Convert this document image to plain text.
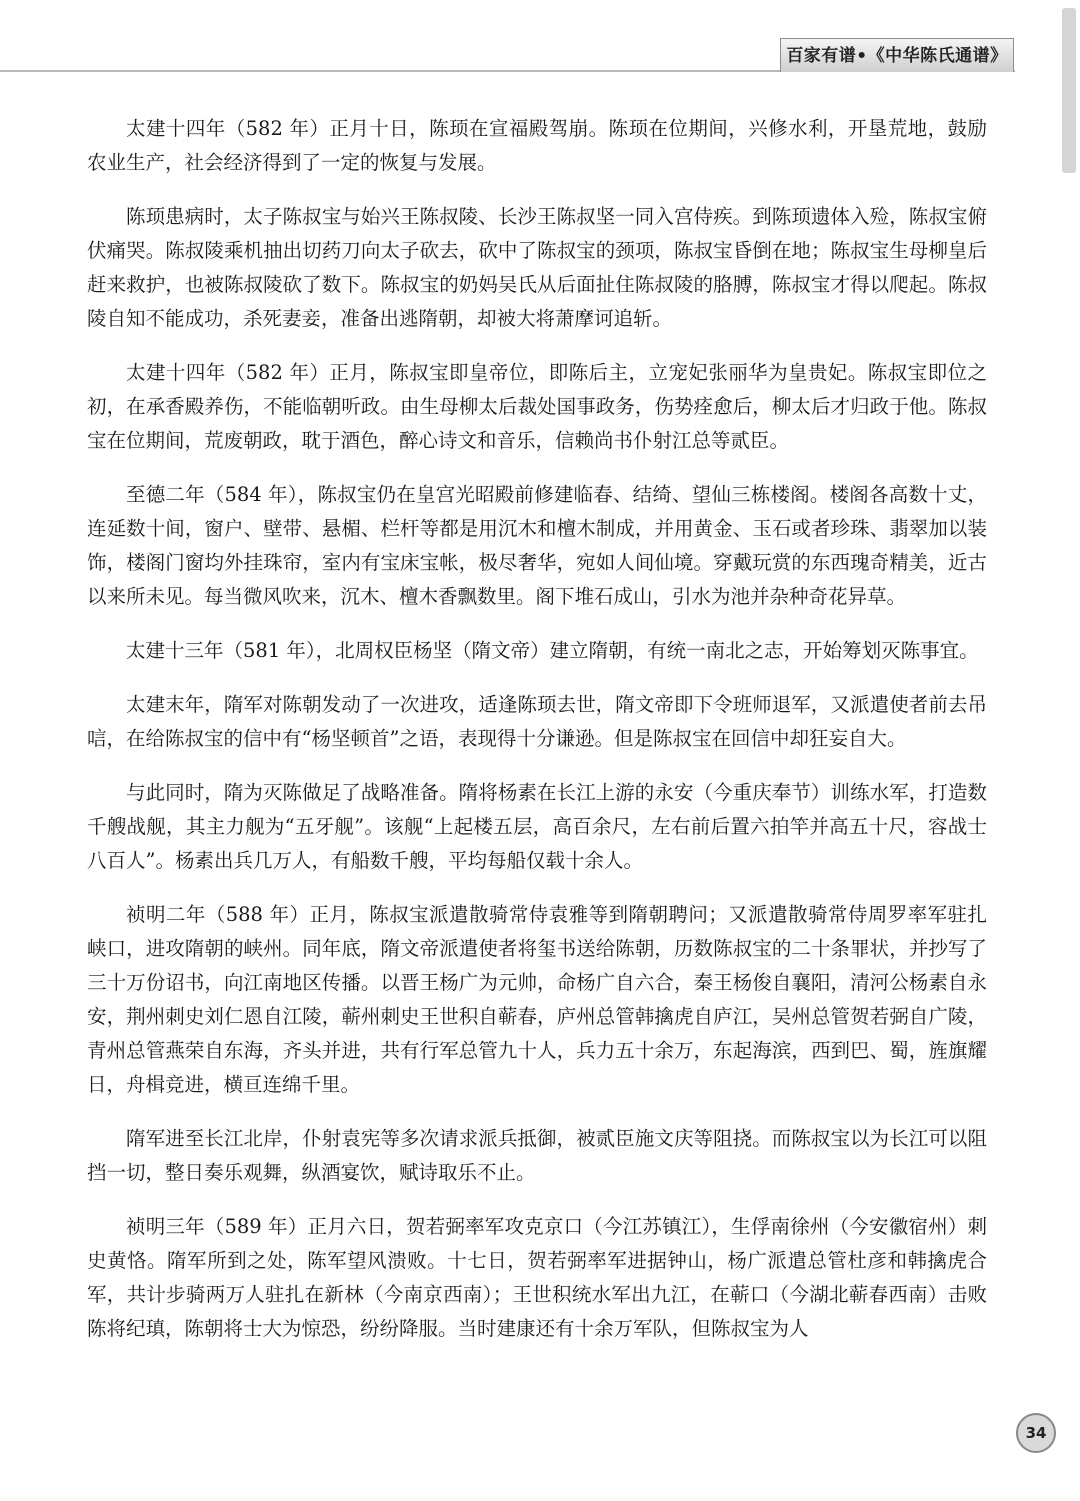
百家有谱•《中华陈氏通谱》

太建十四年（582 年）正月十日，陈顼在宣福殿驾崩。陈顼在位期间，兴修水利，开垦荒地，鼓励农业生产，社会经济得到了一定的恢复与发展。

陈顼患病时，太子陈叔宝与始兴王陈叔陵、长沙王陈叔坚一同入宫侍疾。到陈顼遗体入殓，陈叔宝俯伏痛哭。陈叔陵乘机抽出切药刀向太子砍去，砍中了陈叔宝的颈项，陈叔宝昏倒在地；陈叔宝生母柳皇后赶来救护，也被陈叔陵砍了数下。陈叔宝的奶妈吴氏从后面扯住陈叔陵的胳膊，陈叔宝才得以爬起。陈叔陵自知不能成功，杀死妻妾，准备出逃隋朝，却被大将萧摩诃追斩。

太建十四年（582 年）正月，陈叔宝即皇帝位，即陈后主，立宠妃张丽华为皇贵妃。陈叔宝即位之初，在承香殿养伤，不能临朝听政。由生母柳太后裁处国事政务，伤势痊愈后，柳太后才归政于他。陈叔宝在位期间，荒废朝政，耽于酒色，醉心诗文和音乐，信赖尚书仆射江总等贰臣。

至德二年（584 年），陈叔宝仍在皇宫光昭殿前修建临春、结绮、望仙三栋楼阁。楼阁各高数十丈，连延数十间，窗户、壁带、悬楣、栏杆等都是用沉木和檀木制成，并用黄金、玉石或者珍珠、翡翠加以装饰，楼阁门窗均外挂珠帘，室内有宝床宝帐，极尽奢华，宛如人间仙境。穿戴玩赏的东西瑰奇精美，近古以来所未见。每当微风吹来，沉木、檀木香飘数里。阁下堆石成山，引水为池并杂种奇花异草。

太建十三年（581 年），北周权臣杨坚（隋文帝）建立隋朝，有统一南北之志，开始筹划灭陈事宜。

太建末年，隋军对陈朝发动了一次进攻，适逢陈顼去世，隋文帝即下令班师退军，又派遣使者前去吊唁，在给陈叔宝的信中有“杨坚顿首”之语，表现得十分谦逊。但是陈叔宝在回信中却狂妄自大。

与此同时，隋为灭陈做足了战略准备。隋将杨素在长江上游的永安（今重庆奉节）训练水军，打造数千艘战舰，其主力舰为“五牙舰”。该舰“上起楼五层，高百余尺，左右前后置六拍竿并高五十尺，容战士八百人”。杨素出兵几万人，有船数千艘，平均每船仅载十余人。

祯明二年（588 年）正月，陈叔宝派遣散骑常侍袁雅等到隋朝聘问；又派遣散骑常侍周罗率军驻扎峡口，进攻隋朝的峡州。同年底，隋文帝派遣使者将玺书送给陈朝，历数陈叔宝的二十条罪状，并抄写了三十万份诏书，向江南地区传播。以晋王杨广为元帅，命杨广自六合，秦王杨俊自襄阳，清河公杨素自永安，荆州刺史刘仁恩自江陵，蕲州刺史王世积自蕲春，庐州总管韩擒虎自庐江，吴州总管贺若弼自广陵，青州总管燕荣自东海，齐头并进，共有行军总管九十人，兵力五十余万，东起海滨，西到巴、蜀，旌旗耀日，舟楫竞进，横亘连绵千里。

隋军进至长江北岸，仆射袁宪等多次请求派兵抵御，被贰臣施文庆等阻挠。而陈叔宝以为长江可以阻挡一切，整日奏乐观舞，纵酒宴饮，赋诗取乐不止。

祯明三年（589 年）正月六日，贺若弼率军攻克京口（今江苏镇江），生俘南徐州（今安徽宿州）刺史黄恪。隋军所到之处，陈军望风溃败。十七日，贺若弼率军进据钟山，杨广派遣总管杜彦和韩擒虎合军，共计步骑两万人驻扎在新林（今南京西南）；王世积统水军出九江，在蕲口（今湖北蕲春西南）击败陈将纪瑱，陈朝将士大为惊恐，纷纷降服。当时建康还有十余万军队，但陈叔宝为人

34
